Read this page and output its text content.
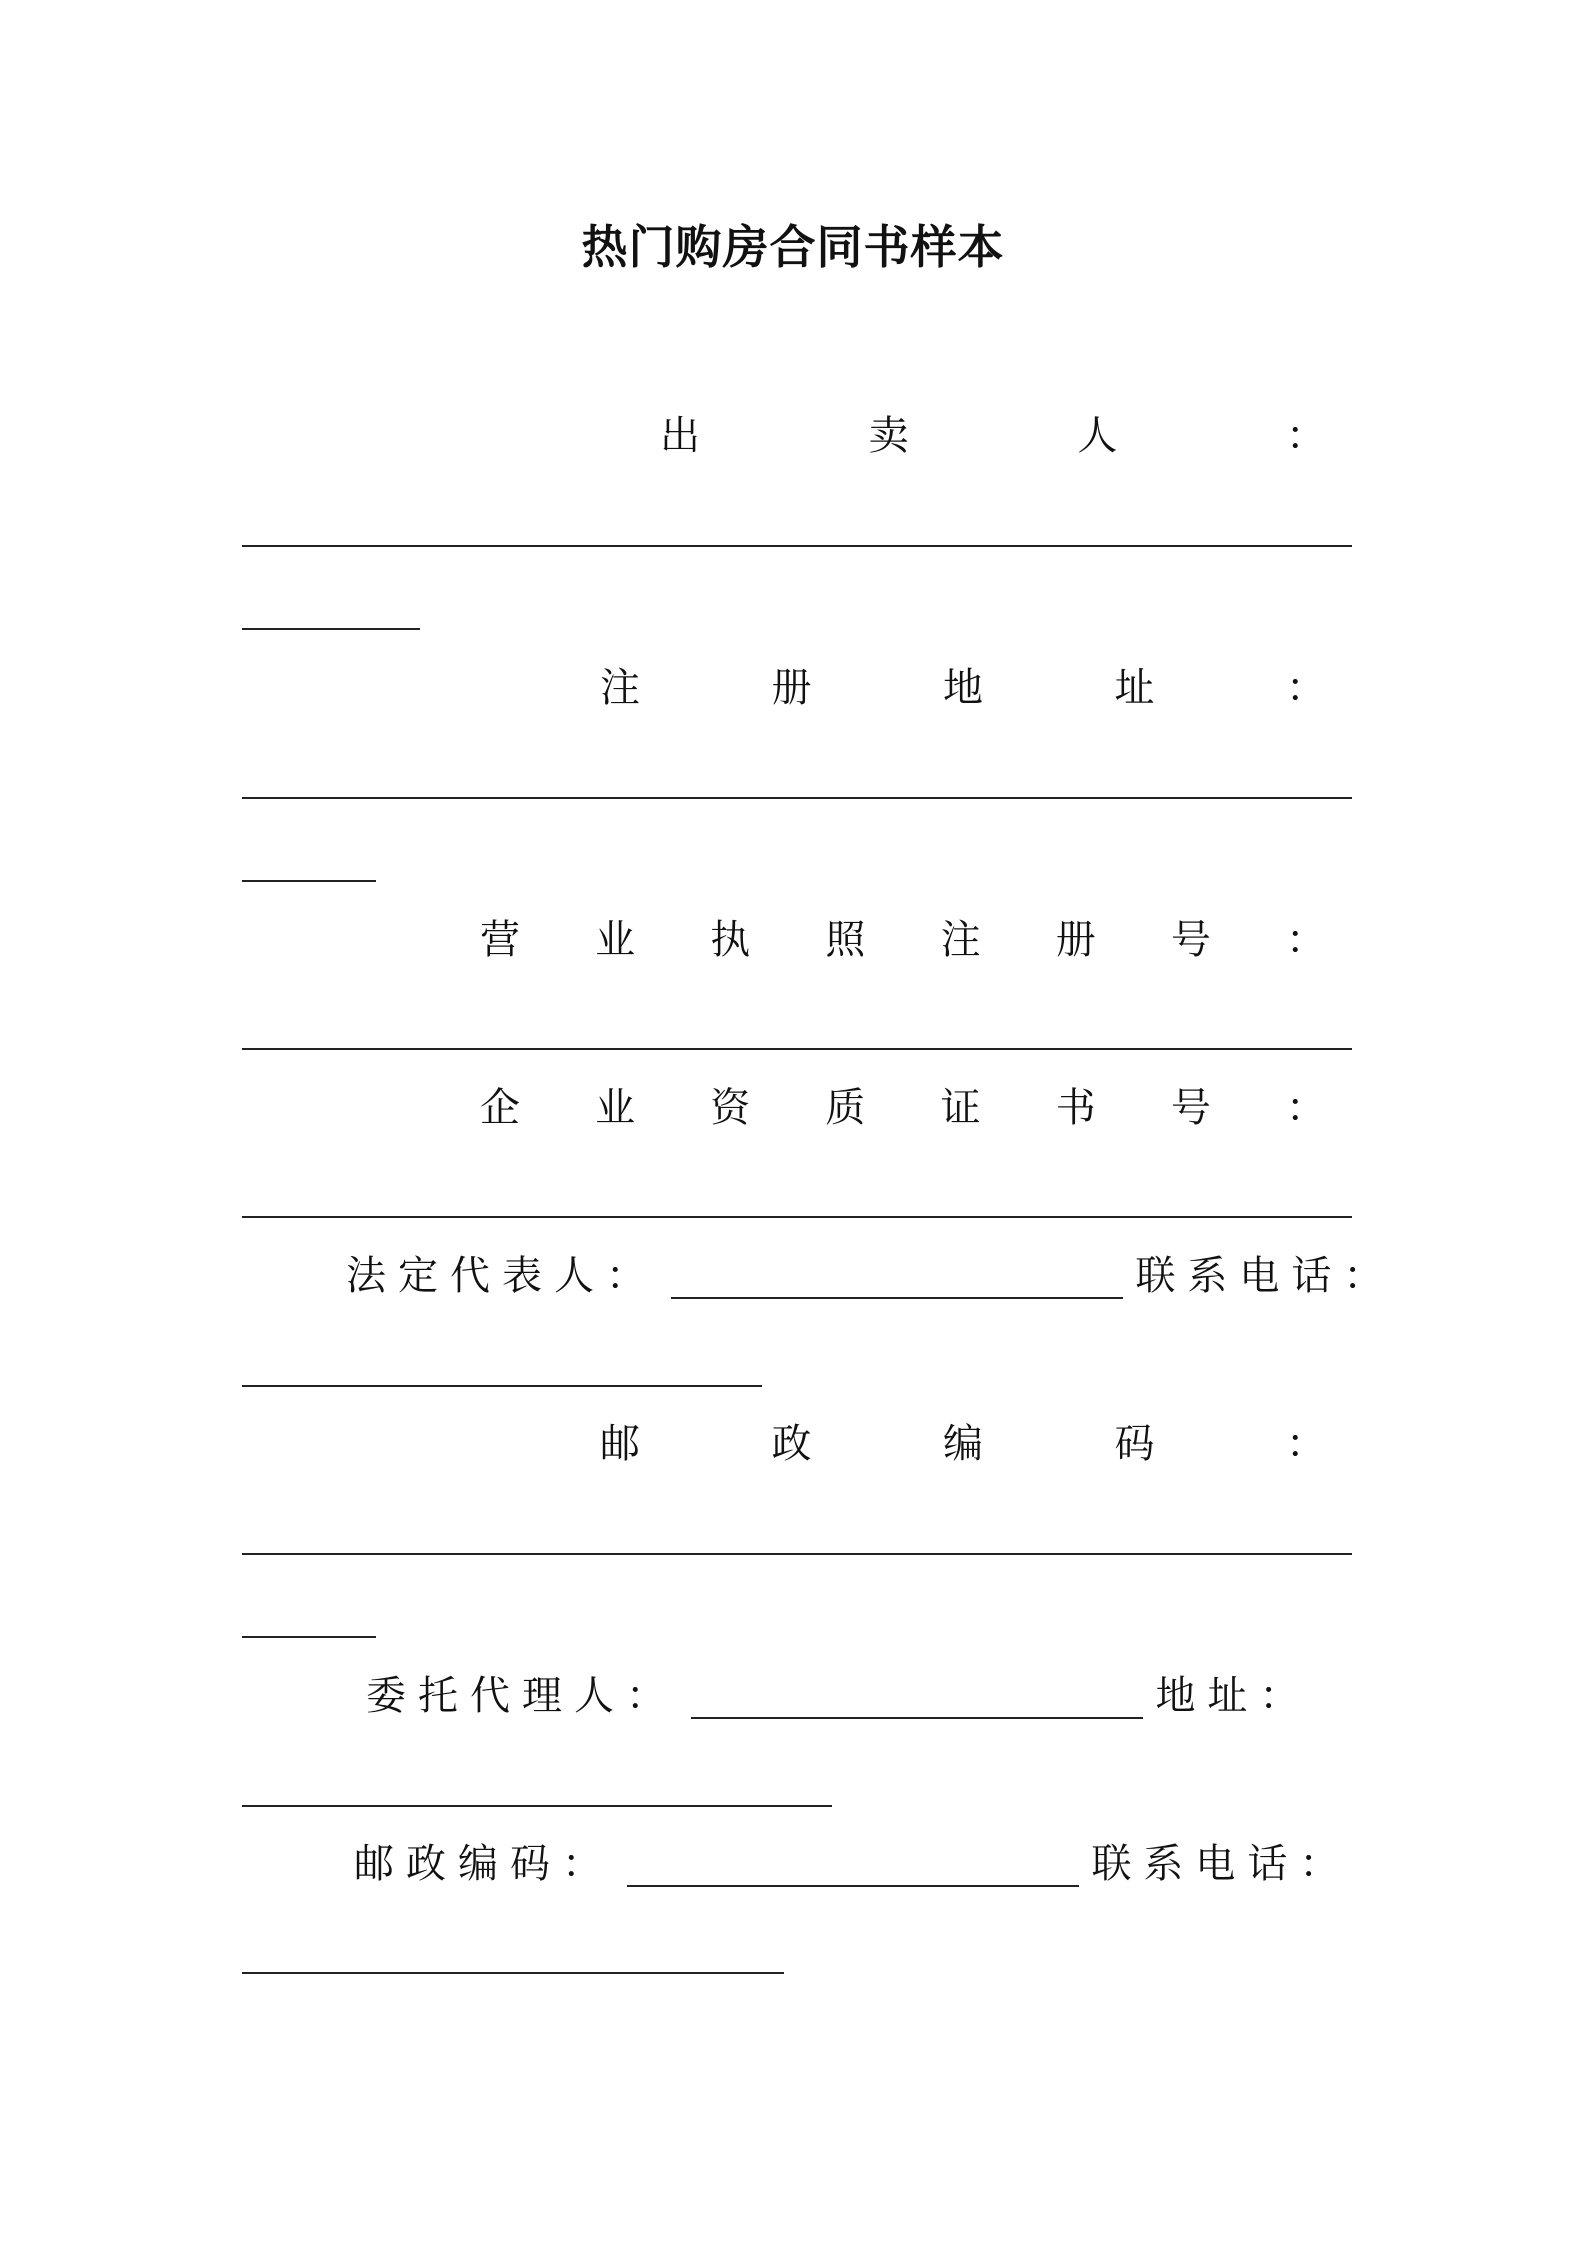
热门购房合同书样本
出	卖	人	：
注	册	地	址	：
营 业 执 照 注 册 号 ：
企 业 资 质 证 书 号 ：
法定代表人：	联系电话：
邮	政	编	码	：
委托代理人：	地址：
邮政编码：	联系电话：
